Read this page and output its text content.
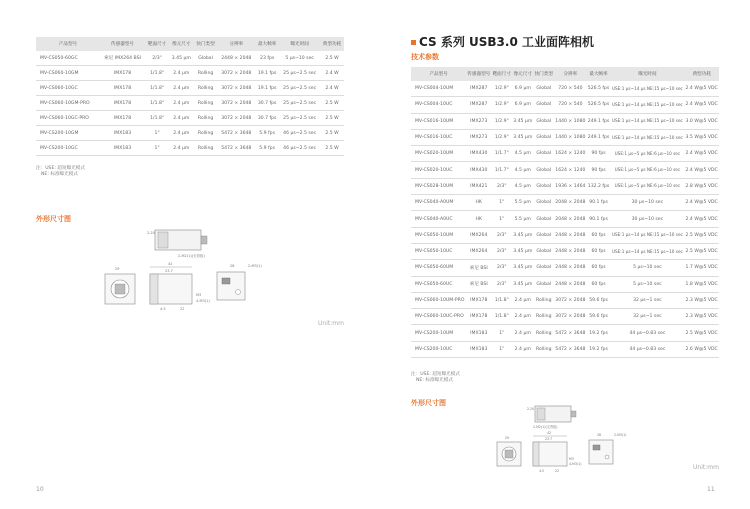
产品型号	传感器型号	靶面尺寸	像元尺寸	快门类型	分辨率	最大帧率	曝光时间	典型功耗
MV-CS050-60GC	索尼 IMX264 BSI	2/3"	3.45 μm	Global	2448 × 2048	23 fps	5 μs~10 sec	2.5 W
MV-CS060-10GM	IMX178	1/1.8"	2.4 μm	Rolling	3072 × 2048	19.1 fps	25 μs~2.5 sec	2.4 W
MV-CS060-10GC	IMX178	1/1.8"	2.4 μm	Rolling	3072 × 2048	19.1 fps	25 μs~2.5 sec	2.4 W
MV-CS060-10GM-PRO	IMX178	1/1.8"	2.4 μm	Rolling	3072 × 2048	30.7 fps	25 μs~2.5 sec	2.5 W
MV-CS060-10GC-PRO	IMX178	1/1.8"	2.4 μm	Rolling	3072 × 2048	30.7 fps	25 μs~2.5 sec	2.5 W
MV-CS200-10GM	IMX183	1"	2.4 μm	Rolling	5472 × 3648	5.9 fps	46 μs~2.5 sec	2.5 W
MV-CS200-10GC	IMX183	1"	2.4 μm	Rolling	5472 × 3648	5.9 fps	46 μs~2.5 sec	2.5 W
注：USE: 超短曝光模式
NE: 标准曝光模式
外形尺寸图
2.20
2-M2(1)(无背板)
29
42
23.7
4.5	22
M3
4-M3(1)
28	2-M3(1)
Unit:mm
10
CS 系列 USB3.0 工业面阵相机
技术参数
产品型号	传感器型号	靶面尺寸	像元尺寸	快门类型	分辨率	最大帧率	曝光时间	典型功耗
MV-CS004-10UM	IMX287	1/2.9"	6.9 μm	Global	720 × 540	526.5 fps	USE:1 μs~14 μs NE:15 μs~10 sec	2.4 W@5 VDC
MV-CS004-10UC	IMX287	1/2.9"	6.9 μm	Global	720 × 540	526.5 fps	USE:1 μs~14 μs NE:15 μs~10 sec	2.4 W@5 VDC
MV-CS016-10UM	IMX273	1/2.9"	3.45 μm	Global	1440 × 1080	249.1 fps	USE:1 μs~14 μs NE:15 μs~10 sec	3.0 W@5 VDC
MV-CS016-10UC	IMX273	1/2.9"	3.45 μm	Global	1440 × 1080	249.1 fps	USE:1 μs~14 μs NE:15 μs~10 sec	3.5 W@5 VDC
MV-CS020-10UM	IMX430	1/1.7"	4.5 μm	Global	1624 × 1240	90 fps	USE:1 μs~5 μs NE:6 μs~10 sec	2.4 W@5 VDC
MV-CS020-10UC	IMX430	1/1.7"	4.5 μm	Global	1624 × 1240	90 fps	USE:1 μs~5 μs NE:6 μs~10 sec	2.4 W@5 VDC
MV-CS028-10UM	IMX421	2/3"	4.5 μm	Global	1936 × 1464	132.2 fps	USE:1 μs~5 μs NE:6 μs~10 sec	2.8 W@5 VDC
MV-CS040-A0UM	HK	1"	5.5 μm	Global	2048 × 2048	90.1 fps	30 μs~10 sec	2.4 W@5 VDC
MV-CS040-A0UC	HK	1"	5.5 μm	Global	2048 × 2048	90.1 fps	30 μs~10 sec	2.4 W@5 VDC
MV-CS050-10UM	IMX264	2/3"	3.45 μm	Global	2448 × 2048	60 fps	USE:1 μs~14 μs NE:15 μs~10 sec	2.5 W@5 VDC
MV-CS050-10UC	IMX264	2/3"	3.45 μm	Global	2448 × 2048	60 fps	USE:1 μs~14 μs NE:15 μs~10 sec	2.5 W@5 VDC
MV-CS050-60UM	索尼 BSI	2/3"	3.45 μm	Global	2448 × 2048	60 fps	5 μs~10 sec	1.7 W@5 VDC
MV-CS050-60UC	索尼 BSI	2/3"	3.45 μm	Global	2448 × 2048	60 fps	5 μs~10 sec	1.8 W@5 VDC
MV-CS060-10UM-PRO	IMX178	1/1.8"	2.4 μm	Rolling	3072 × 2048	59.6 fps	32 μs~1 sec	2.3 W@5 VDC
MV-CS060-10UC-PRO	IMX178	1/1.8"	2.4 μm	Rolling	3072 × 2048	59.6 fps	32 μs~1 sec	2.3 W@5 VDC
MV-CS200-10UM	IMX183	1"	2.4 μm	Rolling	5472 × 3648	19.2 fps	44 μs~0.83 sec	2.5 W@5 VDC
MV-CS200-10UC	IMX183	1"	2.4 μm	Rolling	5472 × 3648	19.2 fps	44 μs~0.83 sec	2.6 W@5 VDC
注：USE: 超短曝光模式
NE: 标准曝光模式
外形尺寸图
2.20
2-M2(1)(无背板)
29
42
23.7
4.5	22
M3
4-M3(1)
28	2-M3(1)
Unit:mm
11
